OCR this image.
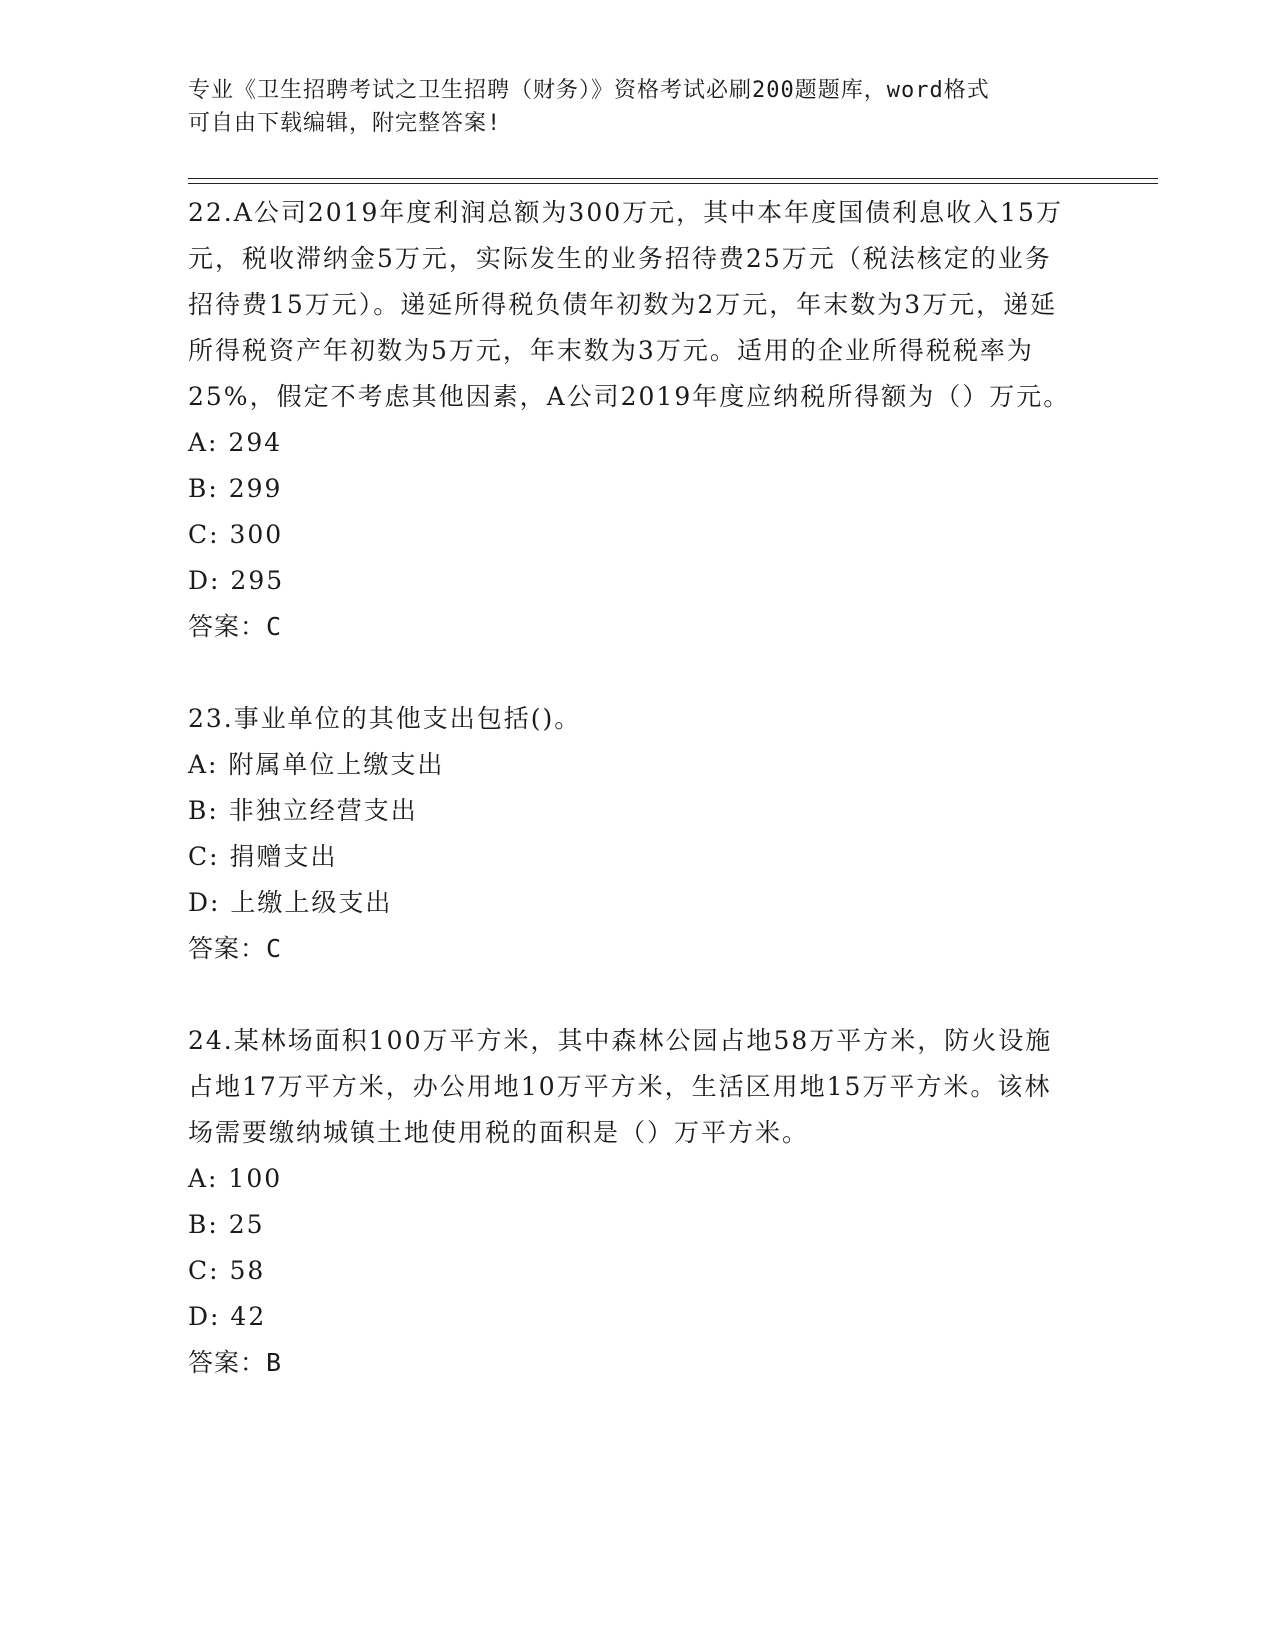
专业《卫生招聘考试之卫生招聘（财务）》资格考试必刷200题题库，word格式
可自由下载编辑，附完整答案!
22.A公司2019年度利润总额为300万元，其中本年度国债利息收入15万元，税收滞纳金5万元，实际发生的业务招待费25万元（税法核定的业务招待费15万元）。递延所得税负债年初数为2万元，年末数为3万元，递延所得税资产年初数为5万元，年末数为3万元。适用的企业所得税税率为25%，假定不考虑其他因素，A公司2019年度应纳税所得额为（）万元。
A: 294
B: 299
C: 300
D: 295
答案：C
23.事业单位的其他支出包括()。
A: 附属单位上缴支出
B: 非独立经营支出
C: 捐赠支出
D: 上缴上级支出
答案：C
24.某林场面积100万平方米，其中森林公园占地58万平方米，防火设施占地17万平方米，办公用地10万平方米，生活区用地15万平方米。该林场需要缴纳城镇土地使用税的面积是（）万平方米。
A: 100
B: 25
C: 58
D: 42
答案：B
